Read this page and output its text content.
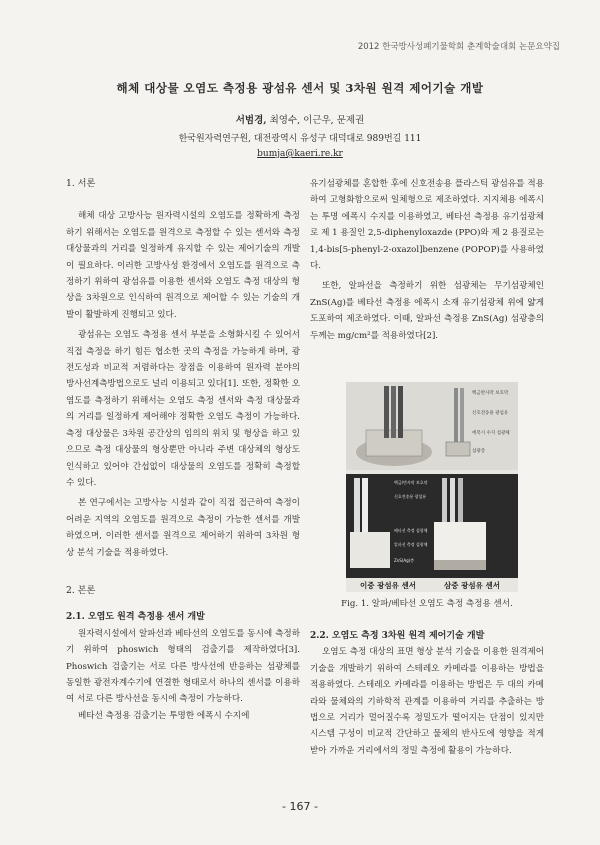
2012 한국방사성폐기물학회 춘계학술대회 논문요약집
해체 대상물 오염도 측정용 광섬유 센서 및 3차원 원격 제어기술 개발
서범경, 최영수, 이근우, 문제권
한국원자력연구원, 대전광역시 유성구 대덕대로 989번길 111
bumja@kaeri.re.kr

1. 서론

해체 대상 고방사능 원자력시설의 오염도를 정확하게 측정하기 위해서는 오염도를 원격으로 측정할 수 있는 센서와 측정 대상물과의 거리를 일정하게 유지할 수 있는 제어기술의 개발이 필요하다. 이러한 고방사성 환경에서 오염도를 원격으로 측정하기 위하여 광섬유를 이용한 센서와 오염도 측정 대상의 형상을 3차원으로 인식하여 원격으로 제어할 수 있는 기술의 개발이 활발하게 진행되고 있다.

광섬유는 오염도 측정용 센서 부분을 소형화시킬 수 있어서 직접 측정을 하기 힘든 협소한 곳의 측정을 가능하게 하며, 광전도성과 비교적 저렴하다는 장점을 이용하여 원자력 분야의 방사선계측방법으로도 널리 이용되고 있다[1]. 또한, 정확한 오염도를 측정하기 위해서는 오염도 측정 센서와 측정 대상물과의 거리를 일정하게 제어해야 정확한 오염도 측정이 가능하다. 측정 대상물은 3차원 공간상의 임의의 위치 및 형상을 하고 있으므로 측정 대상물의 형상뿐만 아니라 주변 대상체의 형상도 인식하고 있어야 간섭없이 대상물의 오염도를 정확히 측정할 수 있다.

본 연구에서는 고방사능 시설과 같이 직접 접근하여 측정이 어려운 지역의 오염도를 원격으로 측정이 가능한 센서를 개발하였으며, 이러한 센서를 원격으로 제어하기 위하여 3차원 형상 분석 기술을 적용하였다.

2. 본론

2.1. 오염도 원격 측정용 센서 개발

원자력시설에서 알파선과 베타선의 오염도를 동시에 측정하기 위하여 phoswich 형태의 검출기를 제작하였다[3]. Phoswich 검출기는 서로 다른 방사선에 반응하는 섬광체를 동일한 광전자계수기에 연결한 형태로서 하나의 센서를 이용하여 서로 다른 방사선을 동시에 측정이 가능하다.

베타선 측정용 검출기는 투명한 에폭시 수지에

유기섬광체를 혼합한 후에 신호전송용 플라스틱 광섬유를 적용하여 고형화함으로써 일체형으로 제조하였다. 지지체용 에폭시는 투명 에폭시 수지를 이용하였고, 베타선 측정용 유기섬광체로 제 1 용질인 2,5-diphenyloxazde (PPO)와 제 2 용질로는 1,4-bis[5-phenyl-2-oxazol]benzene (POPOP)를 사용하였다.

또한, 알파선을 측정하기 위한 섬광체는 무기섬광체인 ZnS(Ag)를 베타선 측정용 에폭시 소재 유기섬광체 위에 얇게 도포하여 제조하였다. 이때, 알파선 측정용 ZnS(Ag) 섬광층의 두께는 mg/cm²를 적용하였다[2].

백금반사막 보호막
신호전송용 광섬유
에폭시 수지 섬광체
섬광층
백금/반사막 보호막
신호전송용 광섬유
베타선 측정 섬광체
알파선 측정 섬광체
ZnS(Ag)층
이중 광섬유 센서	삼중 광섬유 센서
Fig. 1. 알파/베타선 오염도 측정 측정용 센서.

2.2. 오염도 측정 3차원 원격 제어기술 개발

오염도 측정 대상의 표면 형상 분석 기술을 이용한 원격제어 기술을 개발하기 위하여 스테레오 카메라를 이용하는 방법을 적용하였다. 스테레오 카메라를 이용하는 방법은 두 대의 카메라와 물체와의 기하학적 관계를 이용하여 거리를 추출하는 방법으로 거리가 멀어질수록 정밀도가 떨어지는 단점이 있지만 시스템 구성이 비교적 간단하고 물체의 반사도에 영향을 적게 받아 가까운 거리에서의 정밀 측정에 활용이 가능하다.

- 167 -
